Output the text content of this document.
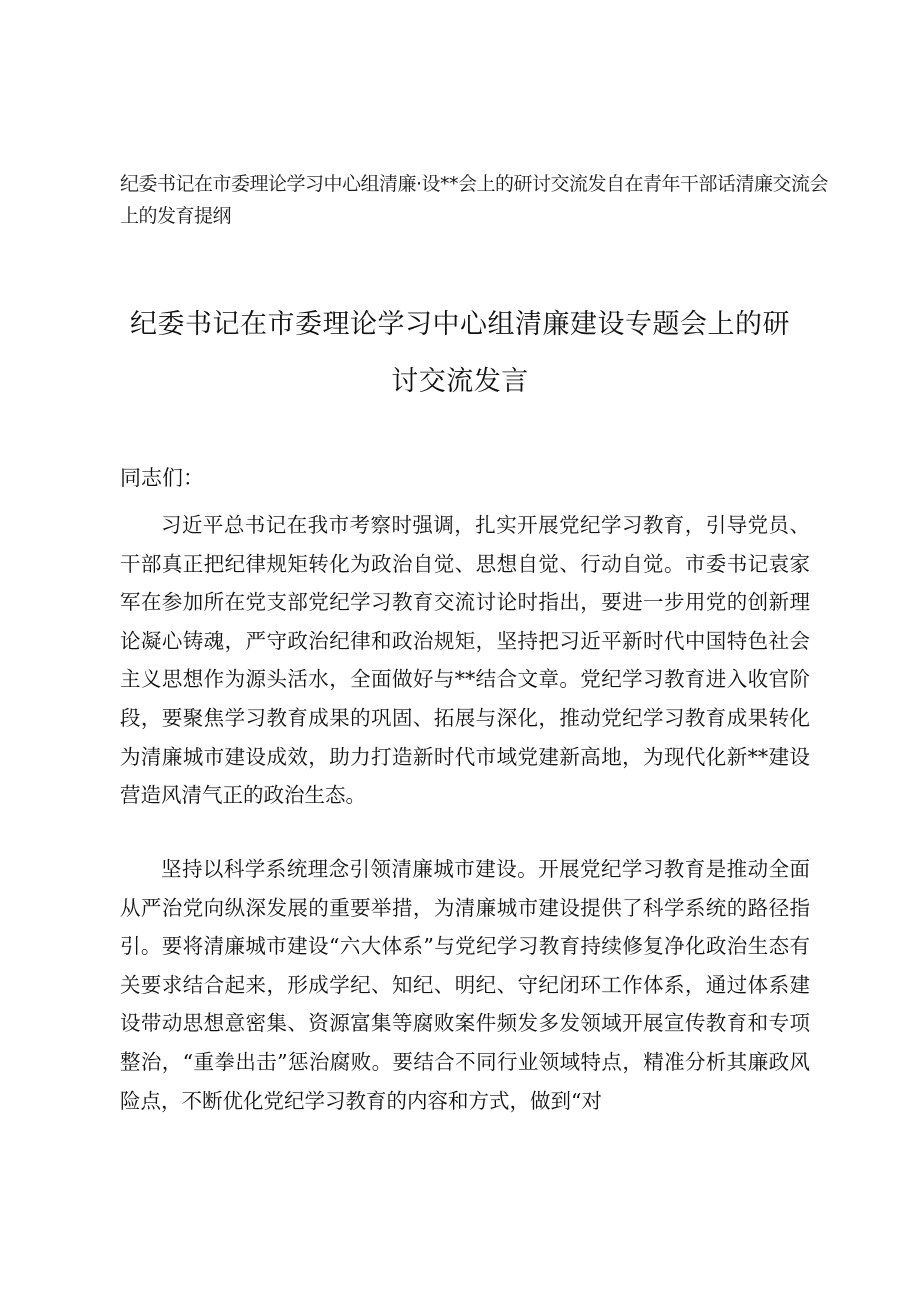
纪委书记在市委理论学习中心组清廉·设**会上的研讨交流发自在青年干部话清廉交流会上的发育提纲
纪委书记在市委理论学习中心组清廉建设专题会上的研
讨交流发言
同志们：

习近平总书记在我市考察时强调，扎实开展党纪学习教育，引导党员、干部真正把纪律规矩转化为政治自觉、思想自觉、行动自觉。市委书记袁家军在参加所在党支部党纪学习教育交流讨论时指出，要进一步用党的创新理论凝心铸魂，严守政治纪律和政治规矩，坚持把习近平新时代中国特色社会主义思想作为源头活水，全面做好与**结合文章。党纪学习教育进入收官阶段，要聚焦学习教育成果的巩固、拓展与深化，推动党纪学习教育成果转化为清廉城市建设成效，助力打造新时代市域党建新高地，为现代化新**建设营造风清气正的政治生态。

坚持以科学系统理念引领清廉城市建设。开展党纪学习教育是推动全面从严治党向纵深发展的重要举措，为清廉城市建设提供了科学系统的路径指引。要将清廉城市建设“六大体系”与党纪学习教育持续修复净化政治生态有关要求结合起来，形成学纪、知纪、明纪、守纪闭环工作体系，通过体系建设带动思想意密集、资源富集等腐败案件频发多发领域开展宣传教育和专项整治，“重拳出击”惩治腐败。要结合不同行业领域特点，精准分析其廉政风险点，不断优化党纪学习教育的内容和方式，做到“对
